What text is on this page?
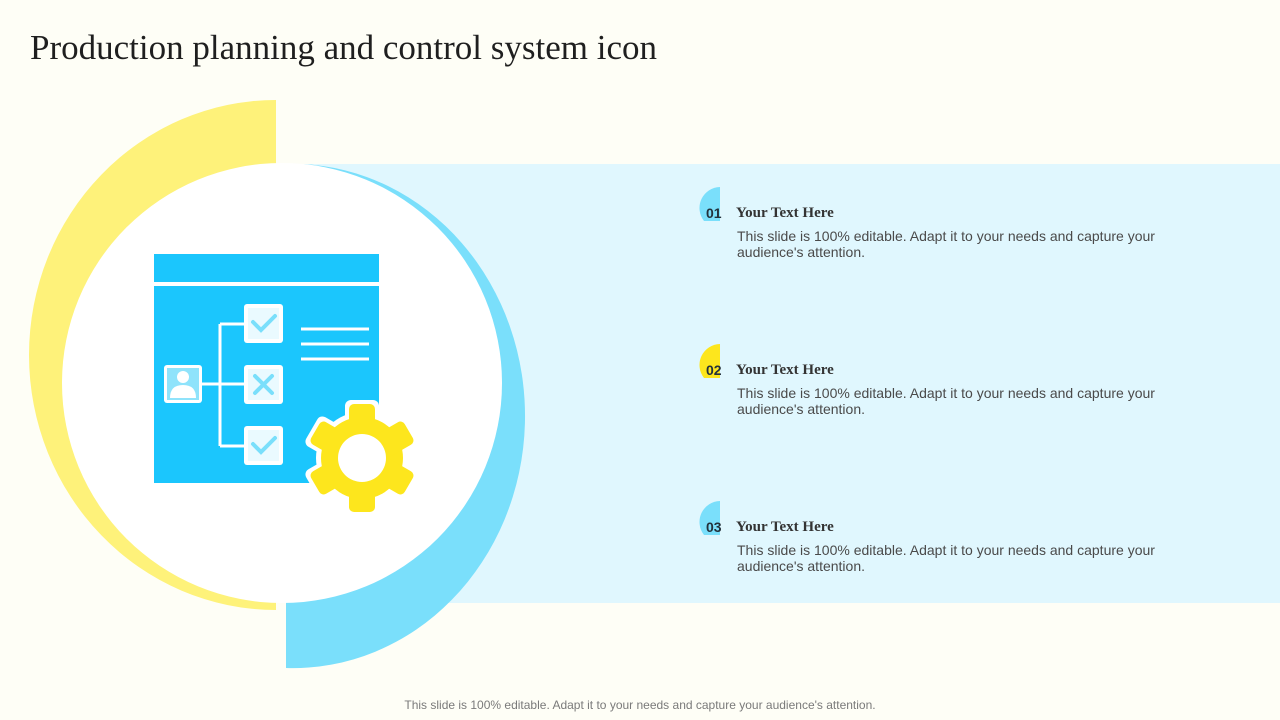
Production planning and control system icon
01 Your Text Here

This slide is 100% editable. Adapt it to your needs and capture your audience's attention.

02 Your Text Here

This slide is 100% editable. Adapt it to your needs and capture your audience's attention.

03 Your Text Here

This slide is 100% editable. Adapt it to your needs and capture your audience's attention.

This slide is 100% editable. Adapt it to your needs and capture your audience's attention.
